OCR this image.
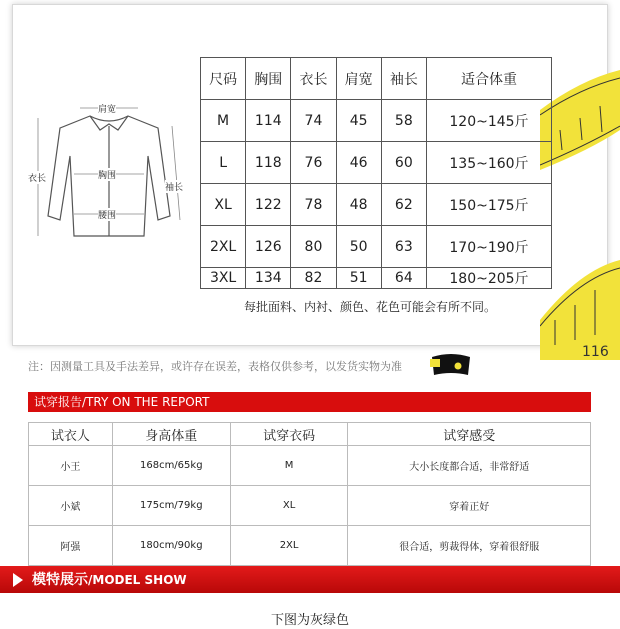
116
肩宽
衣长	胸围
袖长
腰围
尺码	胸围	衣长	肩宽	袖长	适合体重
M	114	74	45	58	120~145斤
L	118	76	46	60	135~160斤
XL	122	78	48	62	150~175斤
2XL	126	80	50	63	170~190斤
3XL	134	82	51	64	180~205斤
每批面料、内衬、颜色、花色可能会有所不同。
注：因测量工具及手法差异，或许存在误差，表格仅供参考，以发货实物为准
试穿报告/TRY ON THE REPORT
试衣人	身高体重	试穿衣码	试穿感受
小王	168cm/65kg	M	大小长度都合适，非常舒适
小斌	175cm/79kg	XL	穿着正好
阿强	180cm/90kg	2XL	很合适，剪裁得体，穿着很舒服
模特展示/MODEL SHOW
下图为灰绿色
